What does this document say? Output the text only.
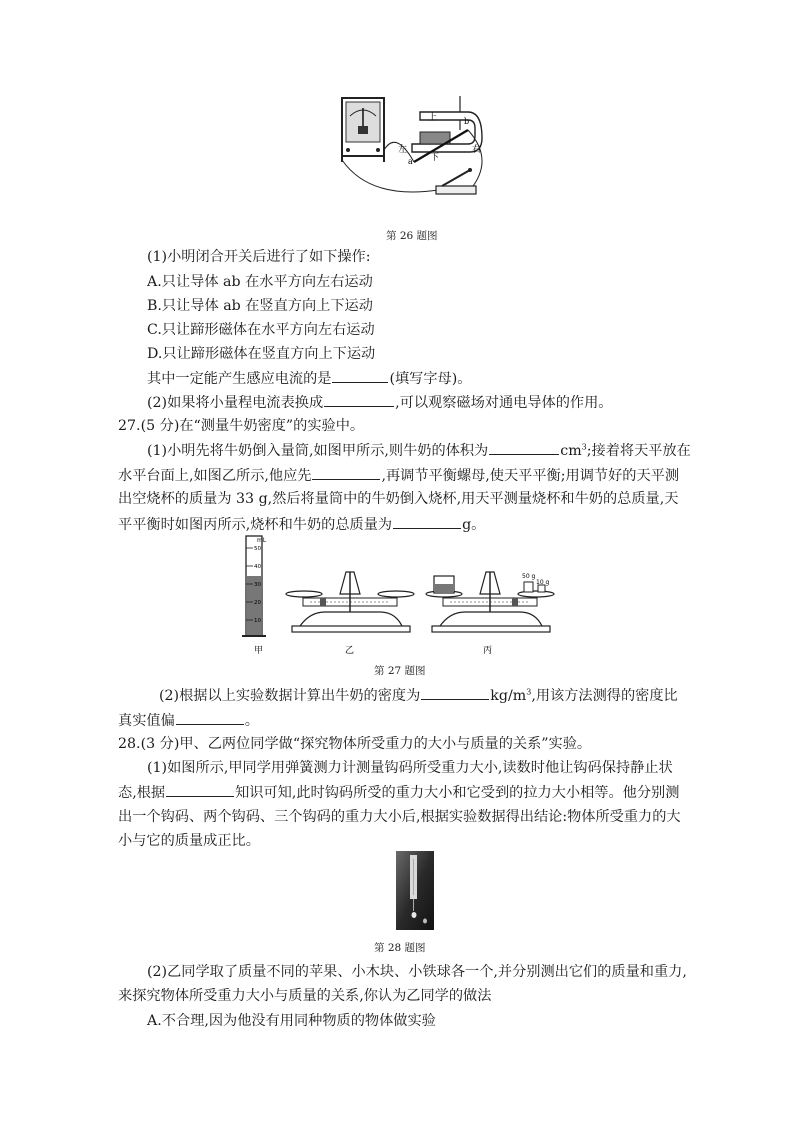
上
下
左	右
a
b
第 26 题图
(1)小明闭合开关后进行了如下操作:
A.只让导体 ab 在水平方向左右运动
B.只让导体 ab 在竖直方向上下运动
C.只让蹄形磁体在水平方向左右运动
D.只让蹄形磁体在竖直方向上下运动
其中一定能产生感应电流的是	(填写字母)。
(2)如果将小量程电流表换成	,可以观察磁场对通电导体的作用。
27.(5 分)在“测量牛奶密度”的实验中。
(1)小明先将牛奶倒入量筒,如图甲所示,则牛奶的体积为	$cm^3$;接着将天平放在
水平台面上,如图乙所示,他应先	,再调节平衡螺母,使天平平衡;用调节好的天平测
出空烧杯的质量为 33 g,然后将量筒中的牛奶倒入烧杯,用天平测量烧杯和牛奶的总质量,天
平平衡时如图丙所示,烧杯和牛奶的总质量为	g。
mL
50
40
30
20
10
50 g
10 g
甲	乙	丙
第 27 题图
(2)根据以上实验数据计算出牛奶的密度为	$kg/m^3$,用该方法测得的密度比
真实值偏	。
28.(3 分)甲、乙两位同学做“探究物体所受重力的大小与质量的关系”实验。
(1)如图所示,甲同学用弹簧测力计测量钩码所受重力大小,读数时他让钩码保持静止状
态,根据	知识可知,此时钩码所受的重力大小和它受到的拉力大小相等。他分别测
出一个钩码、两个钩码、三个钩码的重力大小后,根据实验数据得出结论:物体所受重力的大
小与它的质量成正比。
第 28 题图
(2)乙同学取了质量不同的苹果、小木块、小铁球各一个,并分别测出它们的质量和重力,
来探究物体所受重力大小与质量的关系,你认为乙同学的做法
A.不合理,因为他没有用同种物质的物体做实验
